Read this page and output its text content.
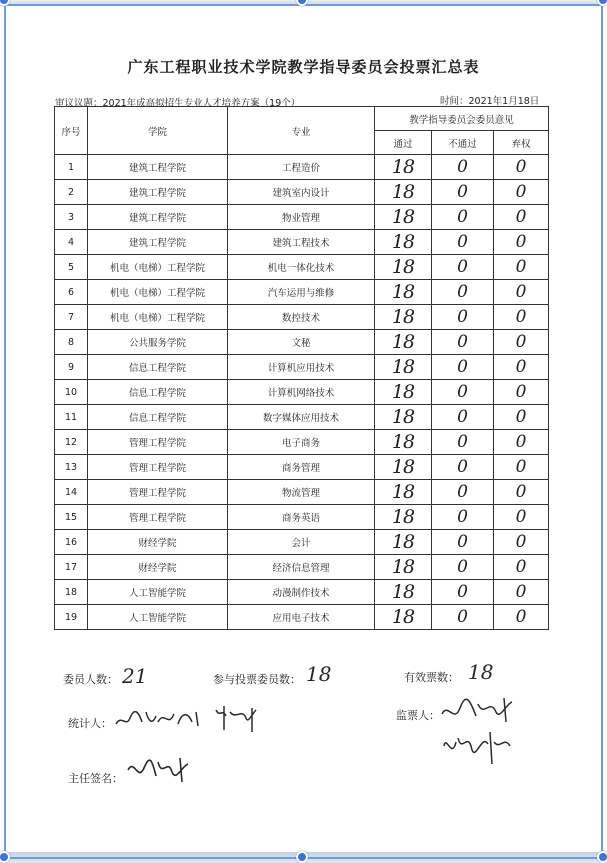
广东工程职业技术学院教学指导委员会投票汇总表
审议议题：2021年成高拟招生专业人才培养方案（19个）	时间：2021年1月18日
序号	学院	专业	教学指导委员会委员意见		
			通过	不通过	弃权
1	建筑工程学院	工程造价	18	0	0
2	建筑工程学院	建筑室内设计	18	0	0
3	建筑工程学院	物业管理	18	0	0
4	建筑工程学院	建筑工程技术	18	0	0
5	机电（电梯）工程学院	机电一体化技术	18	0	0
6	机电（电梯）工程学院	汽车运用与维修	18	0	0
7	机电（电梯）工程学院	数控技术	18	0	0
8	公共服务学院	文秘	18	0	0
9	信息工程学院	计算机应用技术	18	0	0
10	信息工程学院	计算机网络技术	18	0	0
11	信息工程学院	数字媒体应用技术	18	0	0
12	管理工程学院	电子商务	18	0	0
13	管理工程学院	商务管理	18	0	0
14	管理工程学院	物流管理	18	0	0
15	管理工程学院	商务英语	18	0	0
16	财经学院	会计	18	0	0
17	财经学院	经济信息管理	18	0	0
18	人工智能学院	动漫制作技术	18	0	0
19	人工智能学院	应用电子技术	18	0	0
委员人数： 21	参与投票委员数： 18	有效票数： 18
统计人：
监票人：
主任签名：
